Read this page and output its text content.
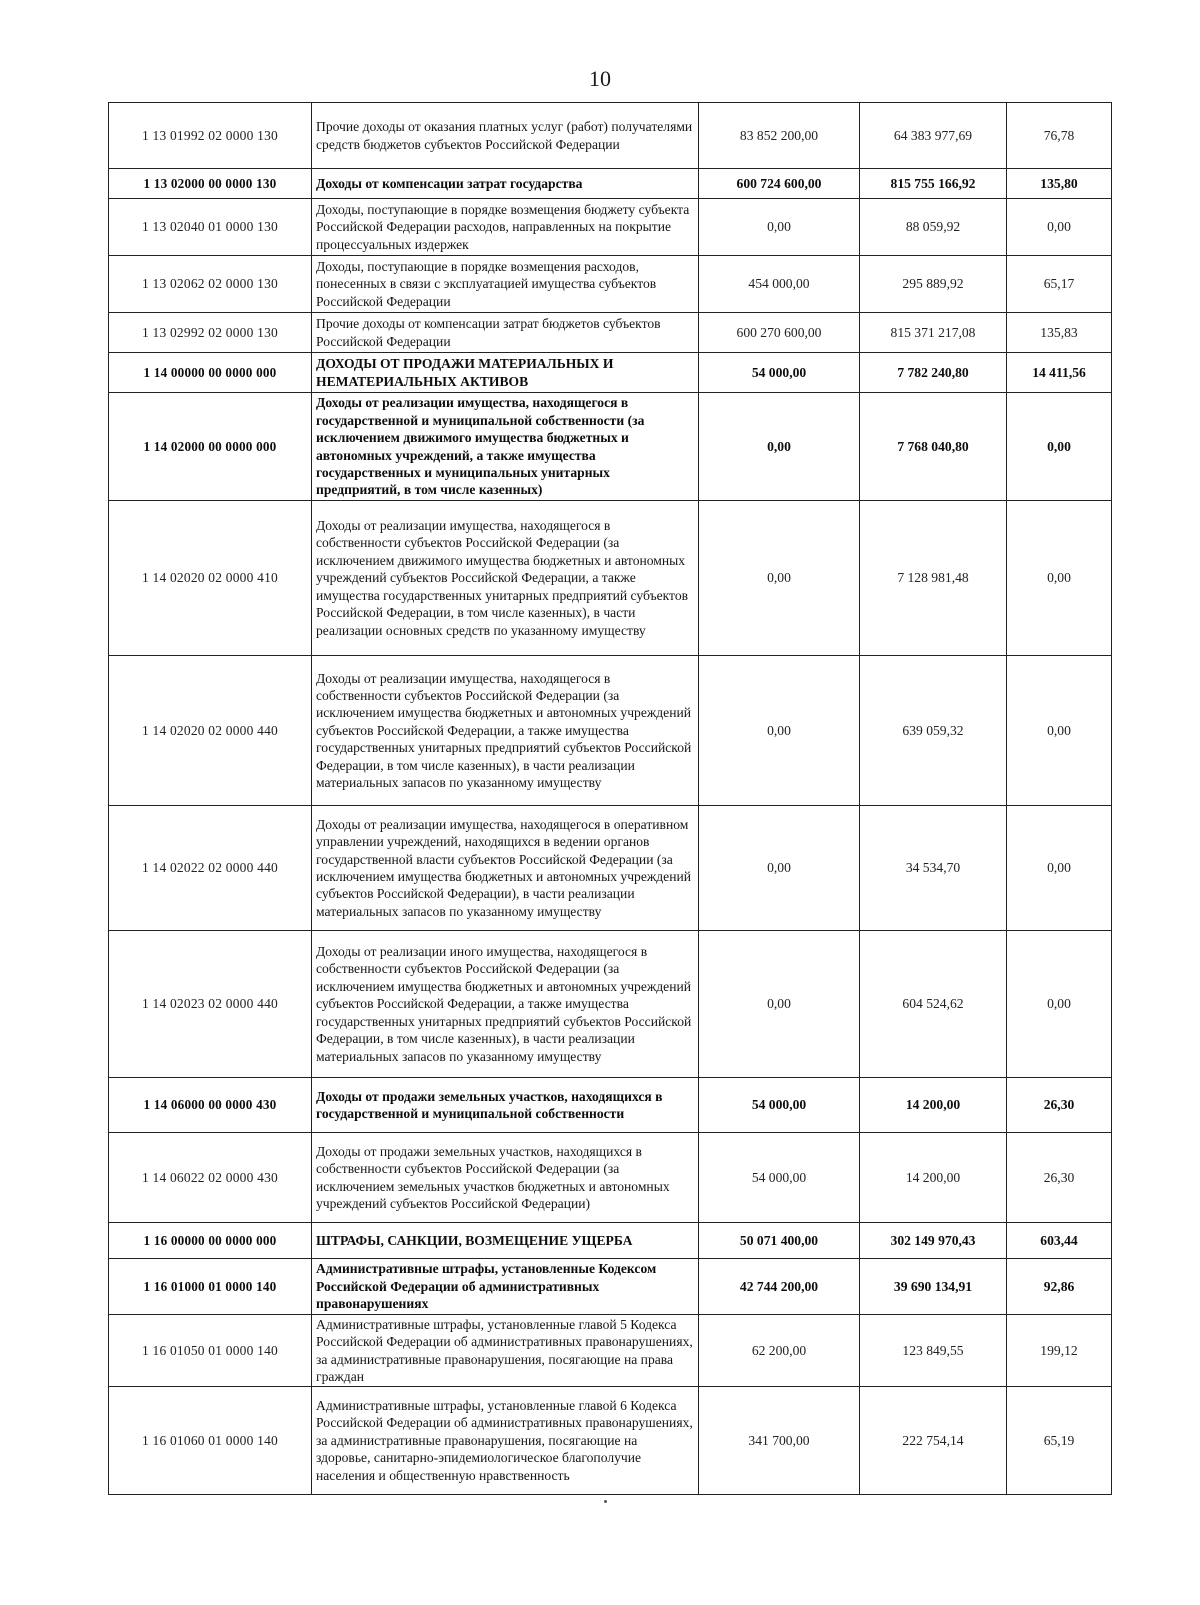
10
1 13 01992 02 0000 130	Прочие доходы от оказания платных услуг (работ) получателями средств бюджетов субъектов Российской Федерации	83 852 200,00	64 383 977,69	76,78
1 13 02000 00 0000 130	Доходы от компенсации затрат государства	600 724 600,00	815 755 166,92	135,80
1 13 02040 01 0000 130	Доходы, поступающие в порядке возмещения бюджету субъекта Российской Федерации расходов, направленных на покрытие процессуальных издержек	0,00	88 059,92	0,00
1 13 02062 02 0000 130	Доходы, поступающие в порядке возмещения расходов, понесенных в связи с эксплуатацией имущества субъектов Российской Федерации	454 000,00	295 889,92	65,17
1 13 02992 02 0000 130	Прочие доходы от компенсации затрат бюджетов субъектов Российской Федерации	600 270 600,00	815 371 217,08	135,83
1 14 00000 00 0000 000	ДОХОДЫ ОТ ПРОДАЖИ МАТЕРИАЛЬНЫХ И НЕМАТЕРИАЛЬНЫХ АКТИВОВ	54 000,00	7 782 240,80	14 411,56
1 14 02000 00 0000 000	Доходы от реализации имущества, находящегося в государственной и муниципальной собственности (за исключением движимого имущества бюджетных и автономных учреждений, а также имущества государственных и муниципальных унитарных предприятий, в том числе казенных)	0,00	7 768 040,80	0,00
1 14 02020 02 0000 410	Доходы от реализации имущества, находящегося в собственности субъектов Российской Федерации (за исключением движимого имущества бюджетных и автономных учреждений субъектов Российской Федерации, а также имущества государственных унитарных предприятий субъектов Российской Федерации, в том числе казенных), в части реализации основных средств по указанному имуществу	0,00	7 128 981,48	0,00
1 14 02020 02 0000 440	Доходы от реализации имущества, находящегося в собственности субъектов Российской Федерации (за исключением имущества бюджетных и автономных учреждений субъектов Российской Федерации, а также имущества государственных унитарных предприятий субъектов Российской Федерации, в том числе казенных), в части реализации материальных запасов по указанному имуществу	0,00	639 059,32	0,00
1 14 02022 02 0000 440	Доходы от реализации имущества, находящегося в оперативном управлении учреждений, находящихся в ведении органов государственной власти субъектов Российской Федерации (за исключением имущества бюджетных и автономных учреждений субъектов Российской Федерации), в части реализации материальных запасов по указанному имуществу	0,00	34 534,70	0,00
1 14 02023 02 0000 440	Доходы от реализации иного имущества, находящегося в собственности субъектов Российской Федерации (за исключением имущества бюджетных и автономных учреждений субъектов Российской Федерации, а также имущества государственных унитарных предприятий субъектов Российской Федерации, в том числе казенных), в части реализации материальных запасов по указанному имуществу	0,00	604 524,62	0,00
1 14 06000 00 0000 430	Доходы от продажи земельных участков, находящихся в государственной и муниципальной собственности	54 000,00	14 200,00	26,30
1 14 06022 02 0000 430	Доходы от продажи земельных участков, находящихся в собственности субъектов Российской Федерации (за исключением земельных участков бюджетных и автономных учреждений субъектов Российской Федерации)	54 000,00	14 200,00	26,30
1 16 00000 00 0000 000	ШТРАФЫ, САНКЦИИ, ВОЗМЕЩЕНИЕ УЩЕРБА	50 071 400,00	302 149 970,43	603,44
1 16 01000 01 0000 140	Административные штрафы, установленные Кодексом Российской Федерации об административных правонарушениях	42 744 200,00	39 690 134,91	92,86
1 16 01050 01 0000 140	Административные штрафы, установленные главой 5 Кодекса Российской Федерации об административных правонарушениях, за административные правонарушения, посягающие на права граждан	62 200,00	123 849,55	199,12
1 16 01060 01 0000 140	Административные штрафы, установленные главой 6 Кодекса Российской Федерации об административных правонарушениях, за административные правонарушения, посягающие на здоровье, санитарно-эпидемиологическое благополучие населения и общественную нравственность	341 700,00	222 754,14	65,19
